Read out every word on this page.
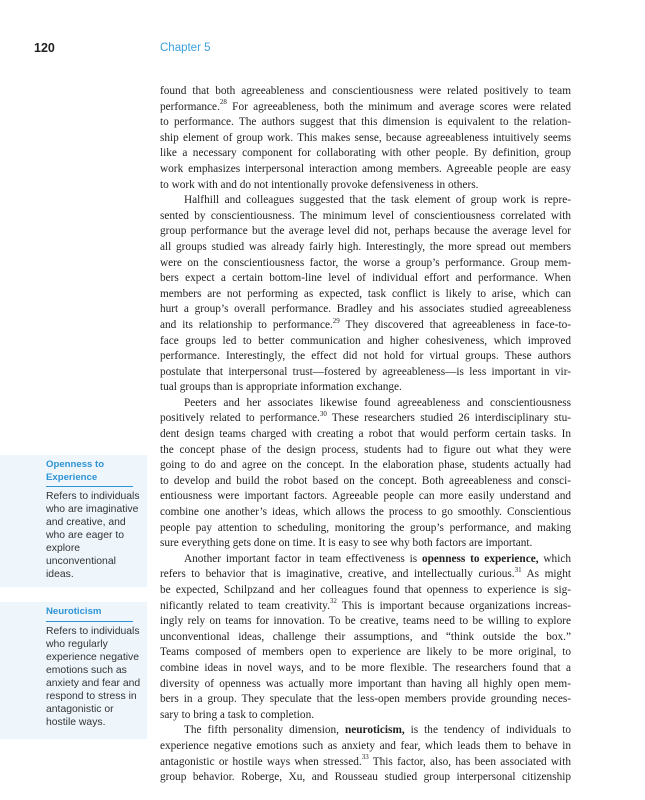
120	Chapter 5
Openness to
Experience
Refers to individuals
who are imaginative
and creative, and
who are eager to
explore
unconventional
ideas.
Neuroticism
Refers to individuals
who regularly
experience negative
emotions such as
anxiety and fear and
respond to stress in
antagonistic or
hostile ways.
found that both agreeableness and conscientiousness were related positively to team
performance.$^{28}$ For agreeableness, both the minimum and average scores were related
to performance. The authors suggest that this dimension is equivalent to the relation-
ship element of group work. This makes sense, because agreeableness intuitively seems
like a necessary component for collaborating with other people. By definition, group
work emphasizes interpersonal interaction among members. Agreeable people are easy
to work with and do not intentionally provoke defensiveness in others.
Halfhill and colleagues suggested that the task element of group work is repre-
sented by conscientiousness. The minimum level of conscientiousness correlated with
group performance but the average level did not, perhaps because the average level for
all groups studied was already fairly high. Interestingly, the more spread out members
were on the conscientiousness factor, the worse a group’s performance. Group mem-
bers expect a certain bottom-line level of individual effort and performance. When
members are not performing as expected, task conflict is likely to arise, which can
hurt a group’s overall performance. Bradley and his associates studied agreeableness
and its relationship to performance.$^{29}$ They discovered that agreeableness in face-to-
face groups led to better communication and higher cohesiveness, which improved
performance. Interestingly, the effect did not hold for virtual groups. These authors
postulate that interpersonal trust—fostered by agreeableness—is less important in vir-
tual groups than is appropriate information exchange.
Peeters and her associates likewise found agreeableness and conscientiousness
positively related to performance.$^{30}$ These researchers studied 26 interdisciplinary stu-
dent design teams charged with creating a robot that would perform certain tasks. In
the concept phase of the design process, students had to figure out what they were
going to do and agree on the concept. In the elaboration phase, students actually had
to develop and build the robot based on the concept. Both agreeableness and consci-
entiousness were important factors. Agreeable people can more easily understand and
combine one another’s ideas, which allows the process to go smoothly. Conscientious
people pay attention to scheduling, monitoring the group’s performance, and making
sure everything gets done on time. It is easy to see why both factors are important.
Another important factor in team effectiveness is openness to experience, which
refers to behavior that is imaginative, creative, and intellectually curious.$^{31}$ As might
be expected, Schilpzand and her colleagues found that openness to experience is sig-
nificantly related to team creativity.$^{32}$ This is important because organizations increas-
ingly rely on teams for innovation. To be creative, teams need to be willing to explore
unconventional ideas, challenge their assumptions, and “think outside the box.”
Teams composed of members open to experience are likely to be more original, to
combine ideas in novel ways, and to be more flexible. The researchers found that a
diversity of openness was actually more important than having all highly open mem-
bers in a group. They speculate that the less-open members provide grounding neces-
sary to bring a task to completion.
The fifth personality dimension, neuroticism, is the tendency of individuals to
experience negative emotions such as anxiety and fear, which leads them to behave in
antagonistic or hostile ways when stressed.$^{33}$ This factor, also, has been associated with
group behavior. Roberge, Xu, and Rousseau studied group interpersonal citizenship
